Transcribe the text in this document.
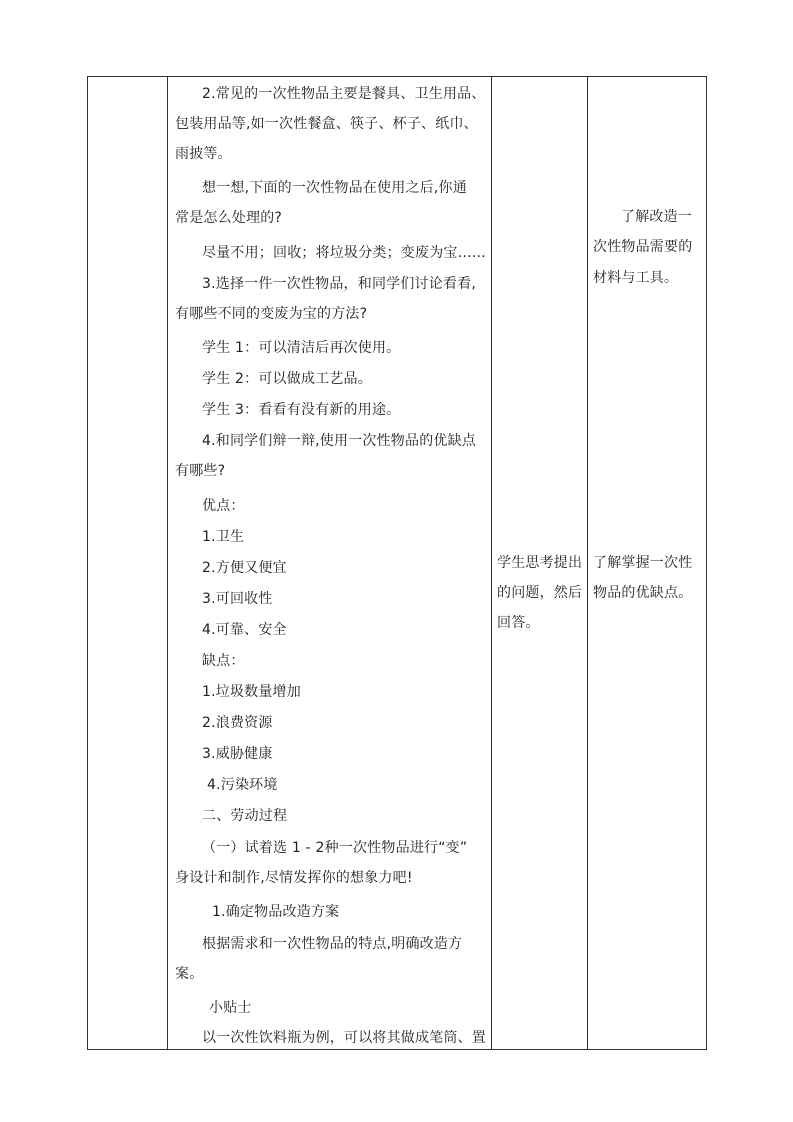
2.常见的一次性物品主要是餐具、卫生用品、
包装用品等,如一次性餐盒、筷子、杯子、纸巾、
雨披等。
想一想,下面的一次性物品在使用之后,你通
常是怎么处理的?
尽量不用；回收；将垃圾分类；变废为宝……
3.选择一件一次性物品，和同学们讨论看看,
有哪些不同的变废为宝的方法?
学生 1：可以清洁后再次使用。
学生 2：可以做成工艺品。
学生 3：看看有没有新的用途。
4.和同学们辩一辩,使用一次性物品的优缺点
有哪些?
优点：
1.卫生
2.方便又便宜
3.可回收性
4.可靠、安全
缺点：
1.垃圾数量增加
2.浪费资源
3.威胁健康
4.污染环境
二、劳动过程
（一）试着选 1 - 2种一次性物品进行“变”
身设计和制作,尽情发挥你的想象力吧!
1.确定物品改造方案
根据需求和一次性物品的特点,明确改造方
案。
小贴士
以一次性饮料瓶为例，可以将其做成笔筒、置
学生思考提出
的问题，然后
回答。
了解改造一
次性物品需要的
材料与工具。
了解掌握一次性
物品的优缺点。
